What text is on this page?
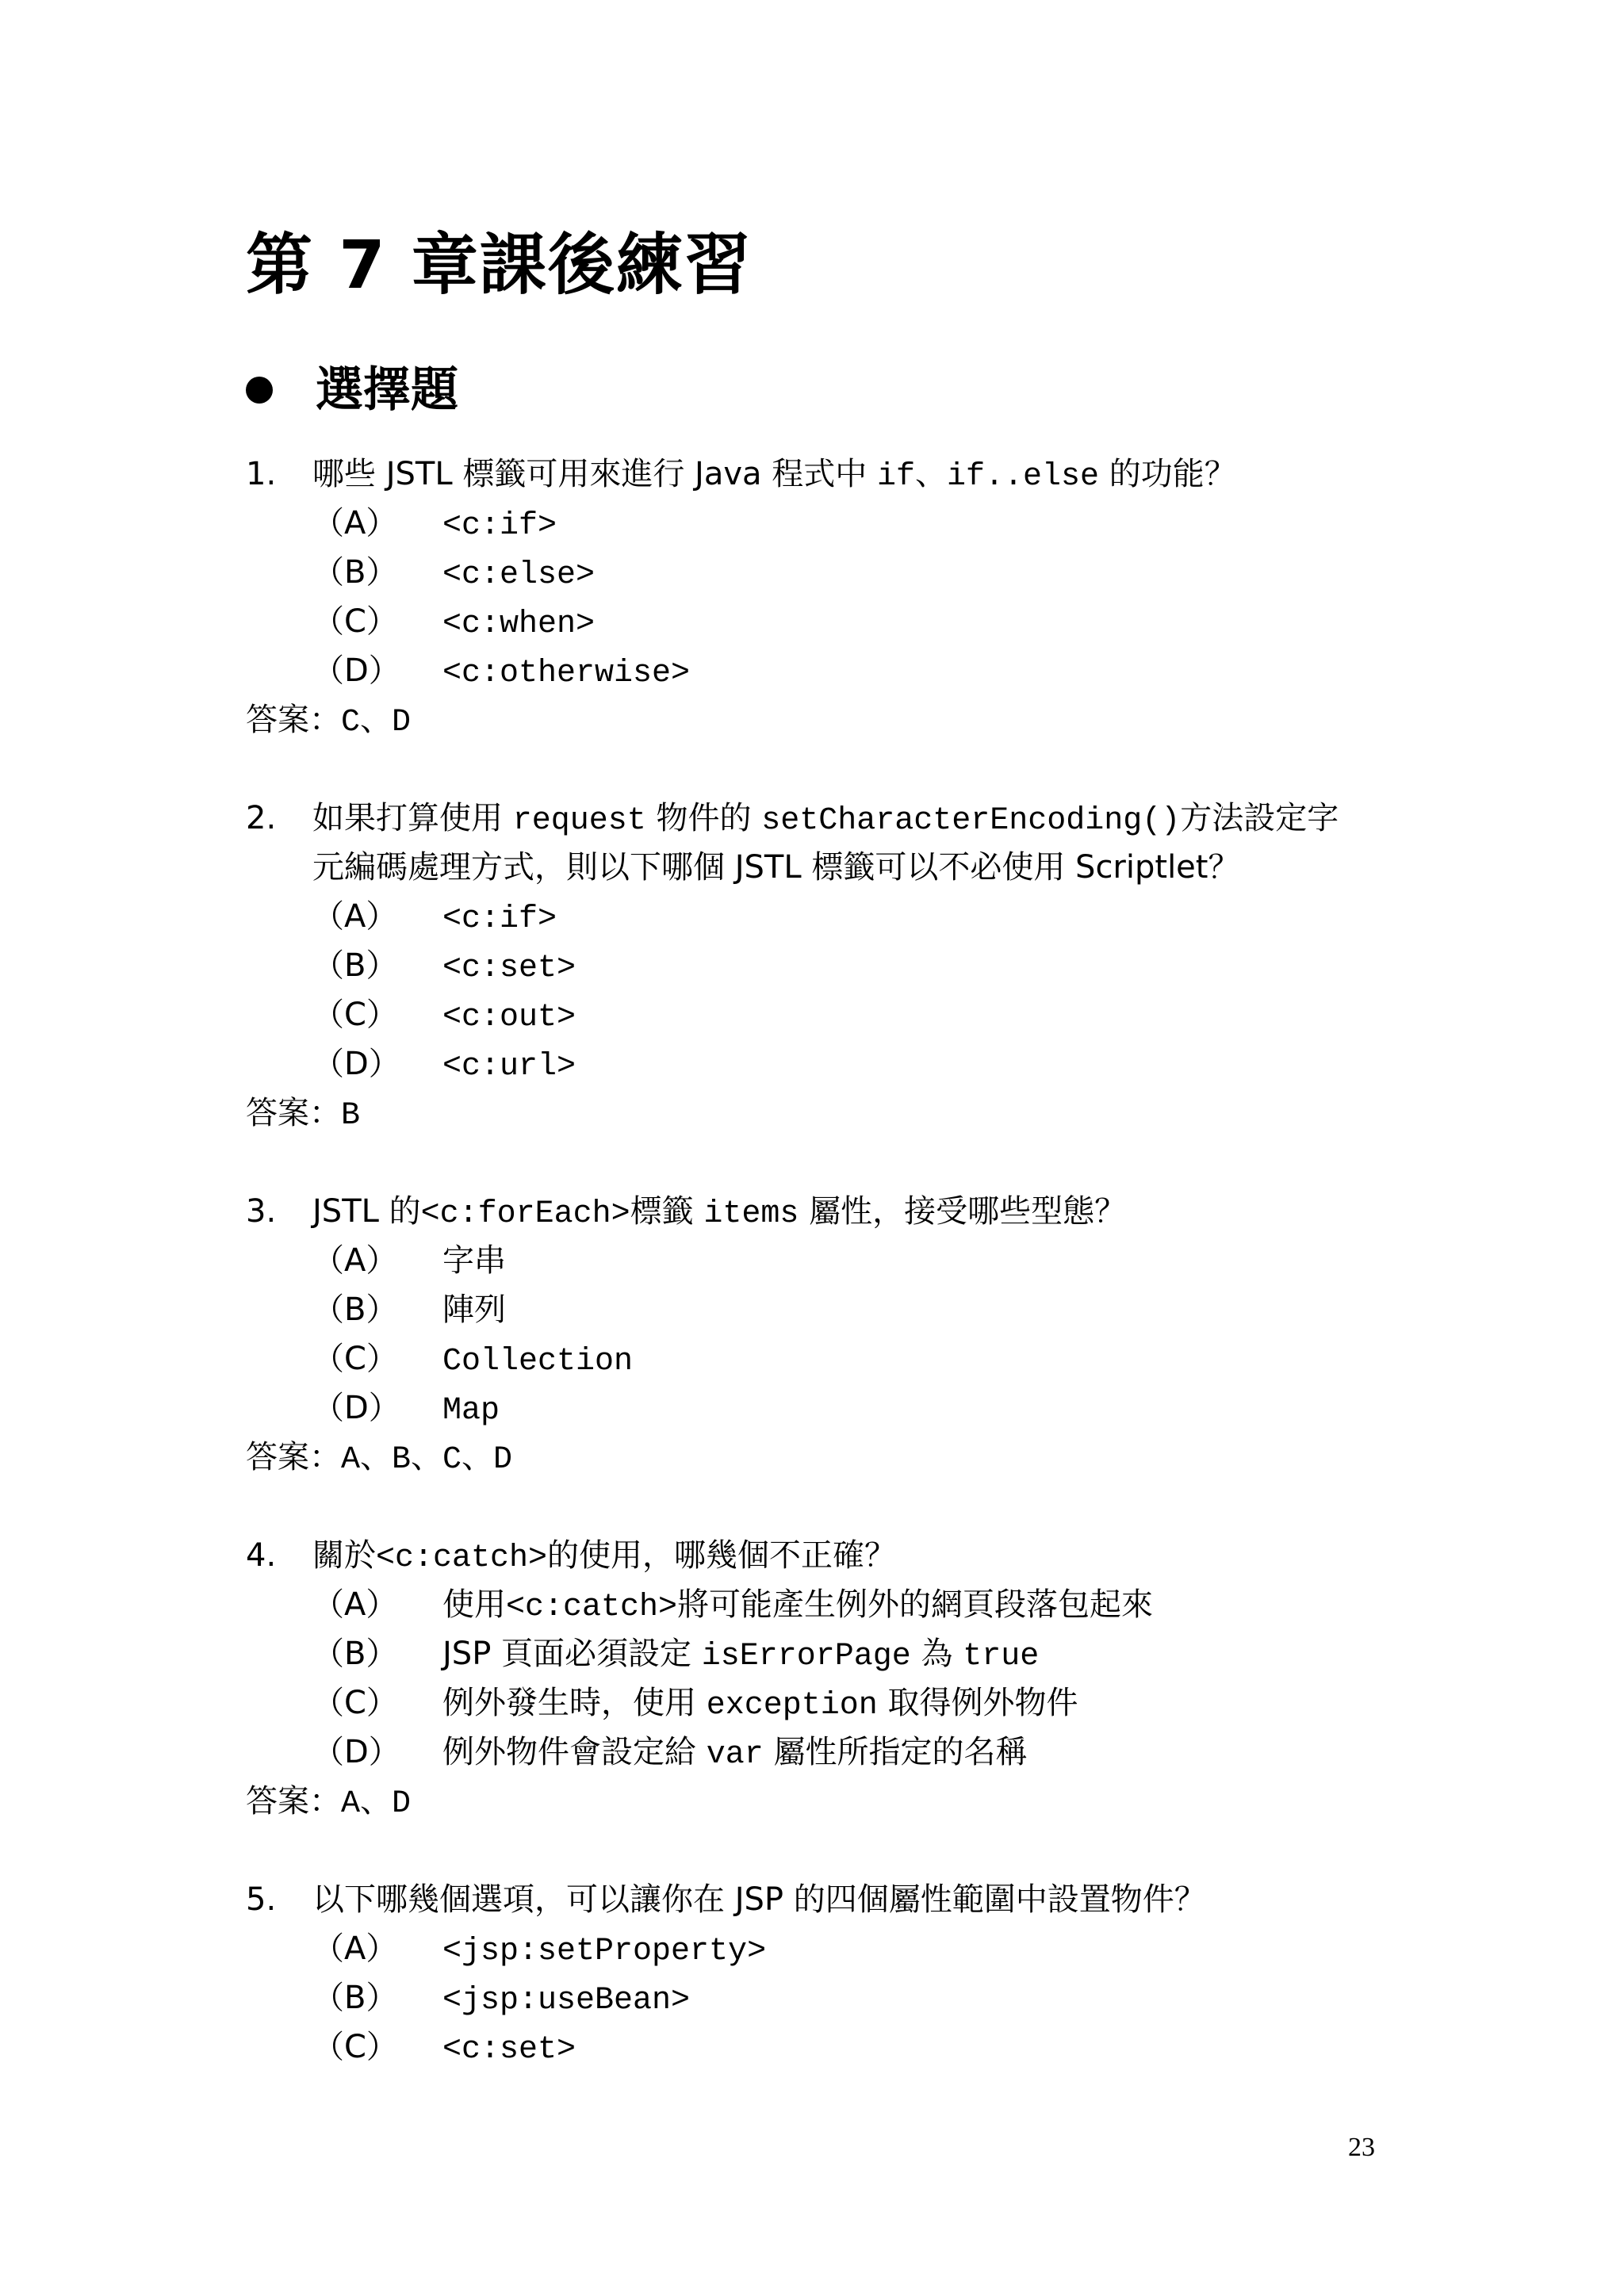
第 7 章課後練習
選擇題
1. 哪些 JSTL 標籤可用來進行 Java 程式中 if、if..else 的功能？
（A） <c:if>
（B） <c:else>
（C） <c:when>
（D） <c:otherwise>
答案：C、D
2. 如果打算使用 request 物件的 setCharacterEncoding()方法設定字
元編碼處理方式，則以下哪個 JSTL 標籤可以不必使用 Scriptlet？
（A） <c:if>
（B） <c:set>
（C） <c:out>
（D） <c:url>
答案：B
3. JSTL 的<c:forEach>標籤 items 屬性，接受哪些型態？
（A） 字串
（B） 陣列
（C） Collection
（D） Map
答案：A、B、C、D
4. 關於<c:catch>的使用，哪幾個不正確？
（A） 使用<c:catch>將可能產生例外的網頁段落包起來
（B） JSP 頁面必須設定 isErrorPage 為 true
（C） 例外發生時，使用 exception 取得例外物件
（D） 例外物件會設定給 var 屬性所指定的名稱
答案：A、D
5. 以下哪幾個選項，可以讓你在 JSP 的四個屬性範圍中設置物件？
（A） <jsp:setProperty>
（B） <jsp:useBean>
（C） <c:set>
23
